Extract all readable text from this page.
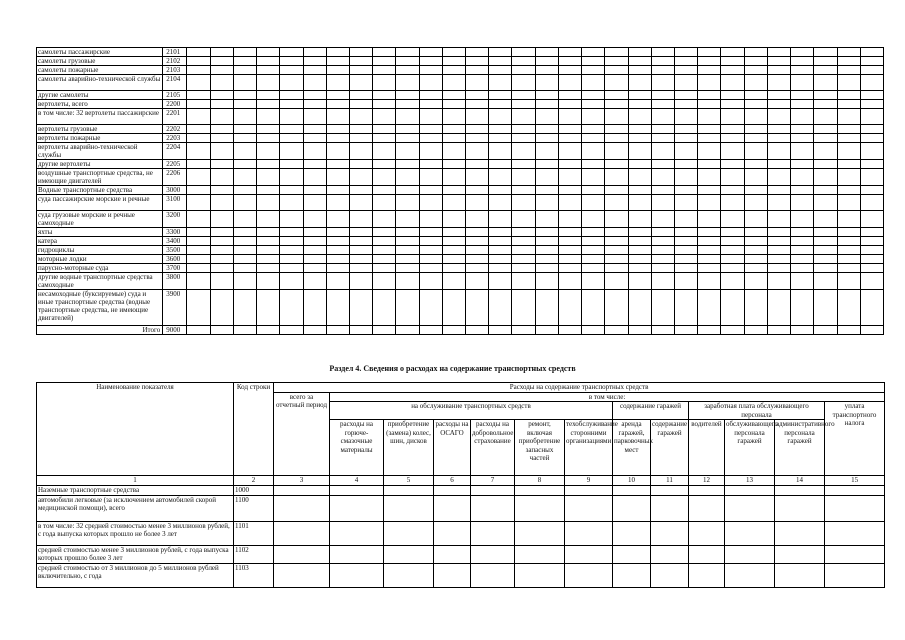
самолеты пассажирские	2101																														
самолеты грузовые	2102																														
самолеты пожарные	2103																														
самолеты аварийно-технической службы	2104																														
другие самолеты	2105																														
вертолеты, всего	2200																														
в том числе: 32 вертолеты пассажирские	2201																														
вертолеты грузовые	2202																														
вертолеты пожарные	2203																														
вертолеты аварийно-технической службы	2204																														
другие вертолеты	2205																														
воздушные транспортные средства, не имеющие двигателей	2206																														
Водные транспортные средства	3000																														
суда пассажирские морские и речные	3100																														
суда грузовые морские и речные самоходные	3200																														
яхты	3300																														
катера	3400																														
гидроциклы	3500																														
моторные лодки	3600																														
парусно-моторные суда	3700																														
другие водные транспортные средства самоходные	3800																														
несамоходные (буксируемые) суда и иные транспортные средства (водные транспортные средства, не имеющие двигателей)	3900																														
Итого	9000																														
Раздел 4. Сведения о расходах на содержание транспортных средств
Наименование показателя	Код строки	Расходы на содержание транспортных средств												
		всего за отчетный период	в том числе:											
			на обслуживание транспортных средств						содержание гаражей		заработная плата обслуживающего персонала			уплата транспортного налога
			расходы на горюче-смазочные материалы	приобретение (замена) колес, шин, дисков	расходы на ОСАГО	расходы на добровольное страхование	ремонт, включая приобретение запасных частей	техобслуживание сторонними организациями	аренда гаражей, парковочных мест	содержание гаражей	водителей	обслуживающего персонала гаражей	административного персонала гаражей	
1	2	3	4	5	6	7	8	9	10	11	12	13	14	15
Наземные транспортные средства	1000													
автомобили легковые (за исключением автомобилей скорой медицинской помощи), всего	1100													
в том числе: 32 средней стоимостью менее 3 миллионов рублей, с года выпуска которых прошло не более 3 лет	1101													
средней стоимостью менее 3 миллионов рублей, с года выпуска которых прошло более 3 лет	1102													
средней стоимостью от 3 миллионов до 5 миллионов рублей включительно, с года	1103													
